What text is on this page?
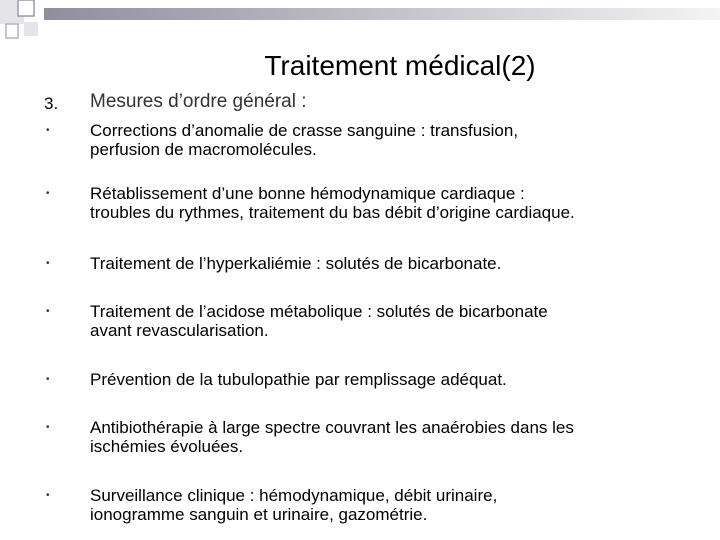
Traitement médical(2)
3. Mesures d’ordre général :
• Corrections d’anomalie de crasse sanguine : transfusion,
perfusion de macromolécules.
• Rétablissement d’une bonne hémodynamique cardiaque :
troubles du rythmes, traitement du bas débit d’origine cardiaque.
• Traitement de l’hyperkaliémie : solutés de bicarbonate.
• Traitement de l’acidose métabolique : solutés de bicarbonate
avant revascularisation.
• Prévention de la tubulopathie par remplissage adéquat.
• Antibiothérapie à large spectre couvrant les anaérobies dans les
ischémies évoluées.
• Surveillance clinique : hémodynamique, débit urinaire,
ionogramme sanguin et urinaire, gazométrie.
